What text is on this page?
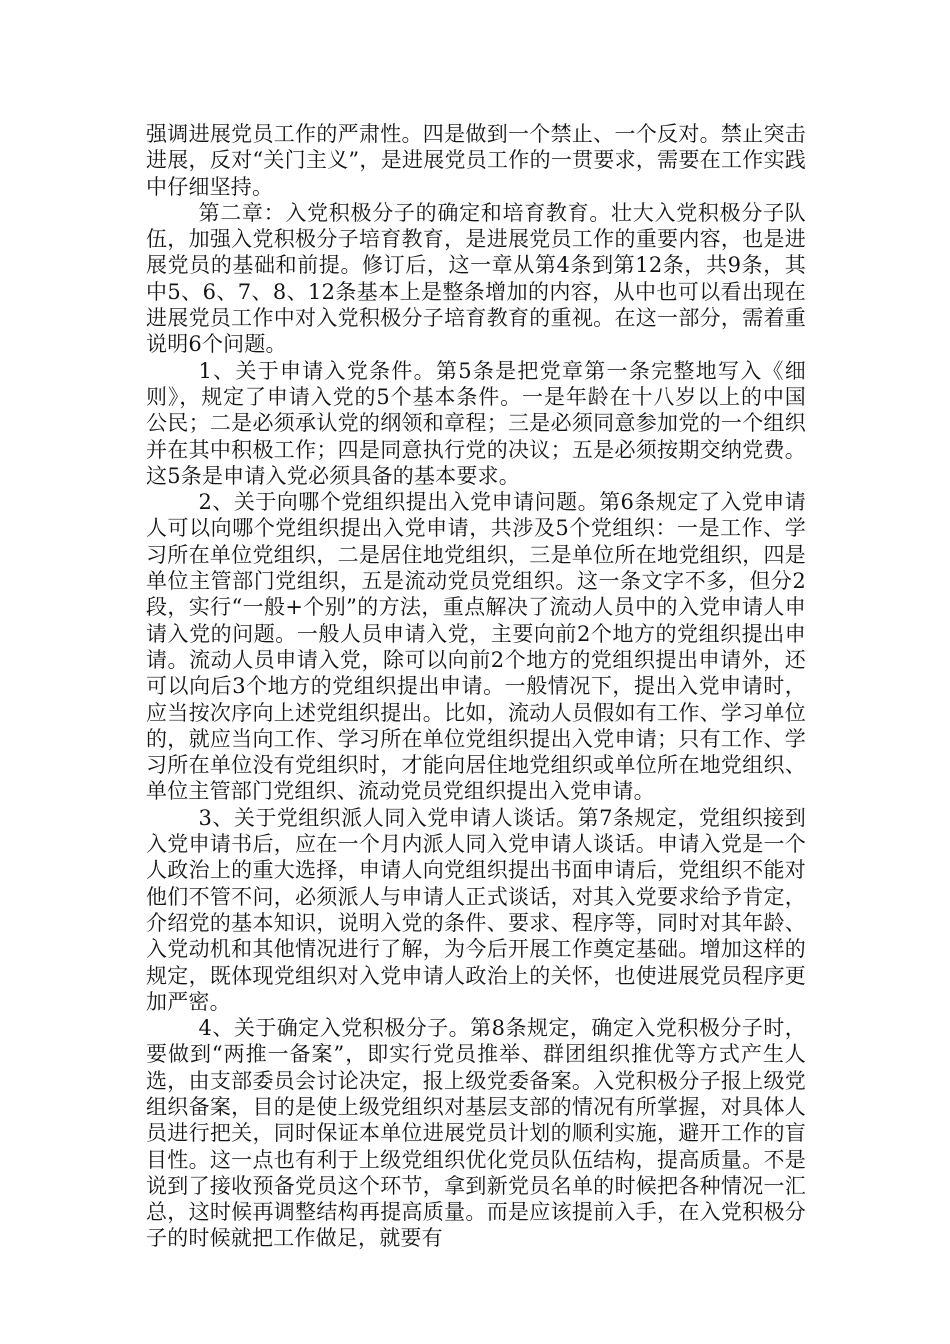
强调进展党员工作的严肃性。四是做到一个禁止、一个反对。禁止突击进展，反对“关门主义”，是进展党员工作的一贯要求，需要在工作实践中仔细坚持。

第二章：入党积极分子的确定和培育教育。壮大入党积极分子队伍，加强入党积极分子培育教育，是进展党员工作的重要内容，也是进展党员的基础和前提。修订后，这一章从第4条到第12条，共9条，其中5、6、7、8、12条基本上是整条增加的内容，从中也可以看出现在进展党员工作中对入党积极分子培育教育的重视。在这一部分，需着重说明6个问题。

1、关于申请入党条件。第5条是把党章第一条完整地写入《细则》，规定了申请入党的5个基本条件。一是年龄在十八岁以上的中国公民；二是必须承认党的纲领和章程；三是必须同意参加党的一个组织并在其中积极工作；四是同意执行党的决议；五是必须按期交纳党费。这5条是申请入党必须具备的基本要求。

2、关于向哪个党组织提出入党申请问题。第6条规定了入党申请人可以向哪个党组织提出入党申请，共涉及5个党组织：一是工作、学习所在单位党组织，二是居住地党组织，三是单位所在地党组织，四是单位主管部门党组织，五是流动党员党组织。这一条文字不多，但分2段，实行“一般+个别”的方法，重点解决了流动人员中的入党申请人申请入党的问题。一般人员申请入党，主要向前2个地方的党组织提出申请。流动人员申请入党，除可以向前2个地方的党组织提出申请外，还可以向后3个地方的党组织提出申请。一般情况下，提出入党申请时，应当按次序向上述党组织提出。比如，流动人员假如有工作、学习单位的，就应当向工作、学习所在单位党组织提出入党申请；只有工作、学习所在单位没有党组织时，才能向居住地党组织或单位所在地党组织、单位主管部门党组织、流动党员党组织提出入党申请。

3、关于党组织派人同入党申请人谈话。第7条规定，党组织接到入党申请书后，应在一个月内派人同入党申请人谈话。申请入党是一个人政治上的重大选择，申请人向党组织提出书面申请后，党组织不能对他们不管不问，必须派人与申请人正式谈话，对其入党要求给予肯定，介绍党的基本知识，说明入党的条件、要求、程序等，同时对其年龄、入党动机和其他情况进行了解，为今后开展工作奠定基础。增加这样的规定，既体现党组织对入党申请人政治上的关怀，也使进展党员程序更加严密。

4、关于确定入党积极分子。第8条规定，确定入党积极分子时，要做到“两推一备案”，即实行党员推举、群团组织推优等方式产生人选，由支部委员会讨论决定，报上级党委备案。入党积极分子报上级党组织备案，目的是使上级党组织对基层支部的情况有所掌握，对具体人员进行把关，同时保证本单位进展党员计划的顺利实施，避开工作的盲目性。这一点也有利于上级党组织优化党员队伍结构，提高质量。不是说到了接收预备党员这个环节，拿到新党员名单的时候把各种情况一汇总，这时候再调整结构再提高质量。而是应该提前入手，在入党积极分子的时候就把工作做足，就要有
